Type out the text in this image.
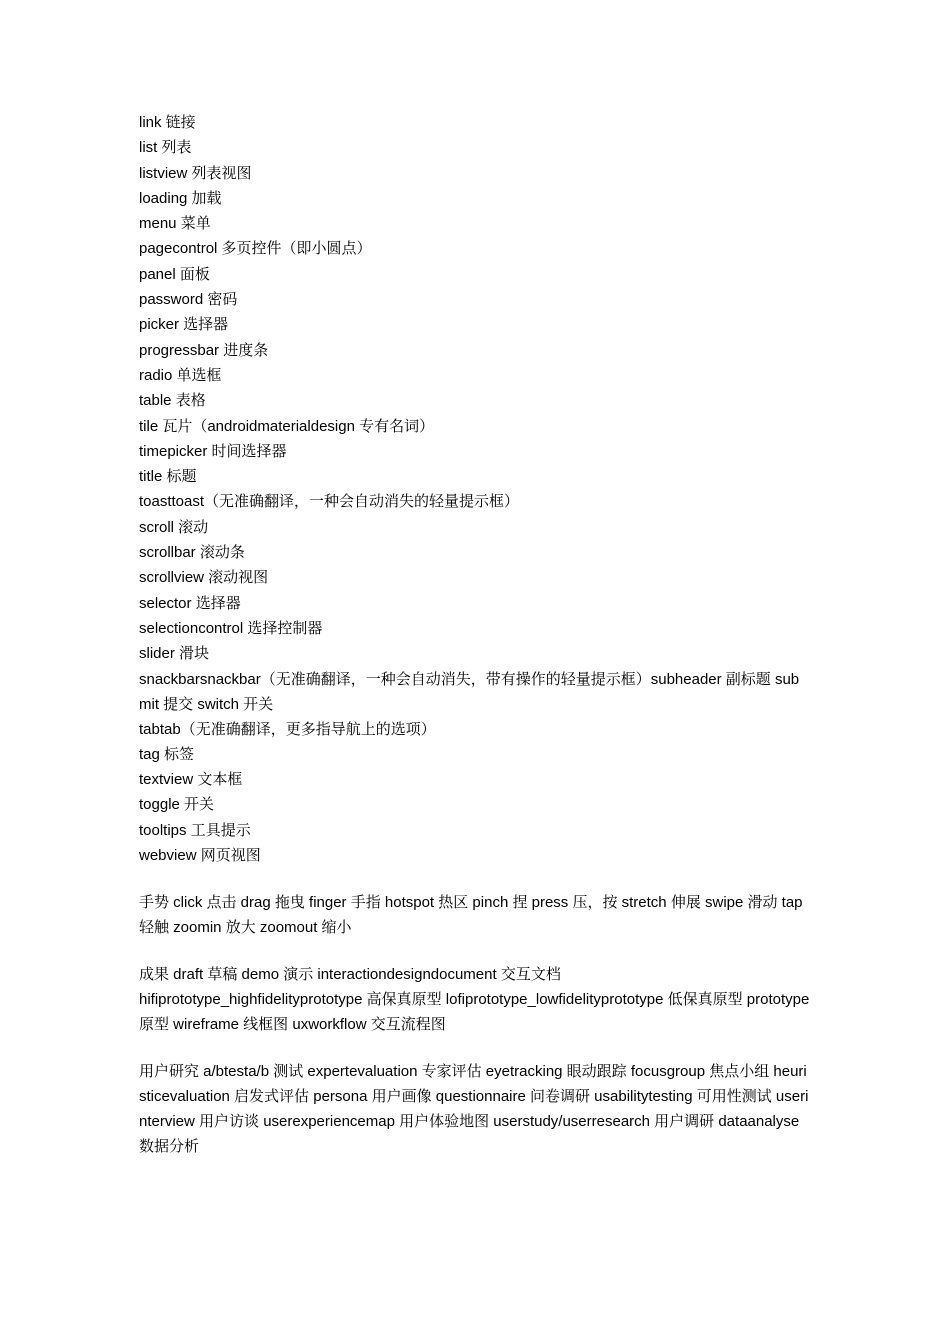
link 链接
list 列表
listview 列表视图
loading 加载
menu 菜单
pagecontrol 多页控件（即小圆点）
panel 面板
password 密码
picker 选择器
progressbar 进度条
radio 单选框
table 表格
tile 瓦片（androidmaterialdesign 专有名词）
timepicker 时间选择器
title 标题
toasttoast（无准确翻译，一种会自动消失的轻量提示框）
scroll 滚动
scrollbar 滚动条
scrollview 滚动视图
selector 选择器
selectioncontrol 选择控制器
slider 滑块
snackbarsnackbar（无准确翻译，一种会自动消失，带有操作的轻量提示框）subheader 副标题 submit 提交 switch 开关
tabtab（无准确翻译，更多指导航上的选项）
tag 标签
textview 文本框
toggle 开关
tooltips 工具提示
webview 网页视图
手势 click 点击 drag 拖曳 finger 手指 hotspot 热区 pinch 捏 press 压，按 stretch 伸展 swipe 滑动 tap 轻触 zoomin 放大 zoomout 缩小
成果 draft 草稿 demo 演示 interactiondesigndocument 交互文档
hifiprototype_highfidelityprototype 高保真原型 lofiprototype_lowfidelityprototype 低保真原型 prototype 原型 wireframe 线框图 uxworkflow 交互流程图
用户研究 a/btesta/b 测试 expertevaluation 专家评估 eyetracking 眼动跟踪 focusgroup 焦点小组 heuristicevaluation 启发式评估 persona 用户画像 questionnaire 问卷调研 usabilitytesting 可用性测试 userinterview 用户访谈 userexperiencemap 用户体验地图 userstudy/userresearch 用户调研 dataanalyse 数据分析
